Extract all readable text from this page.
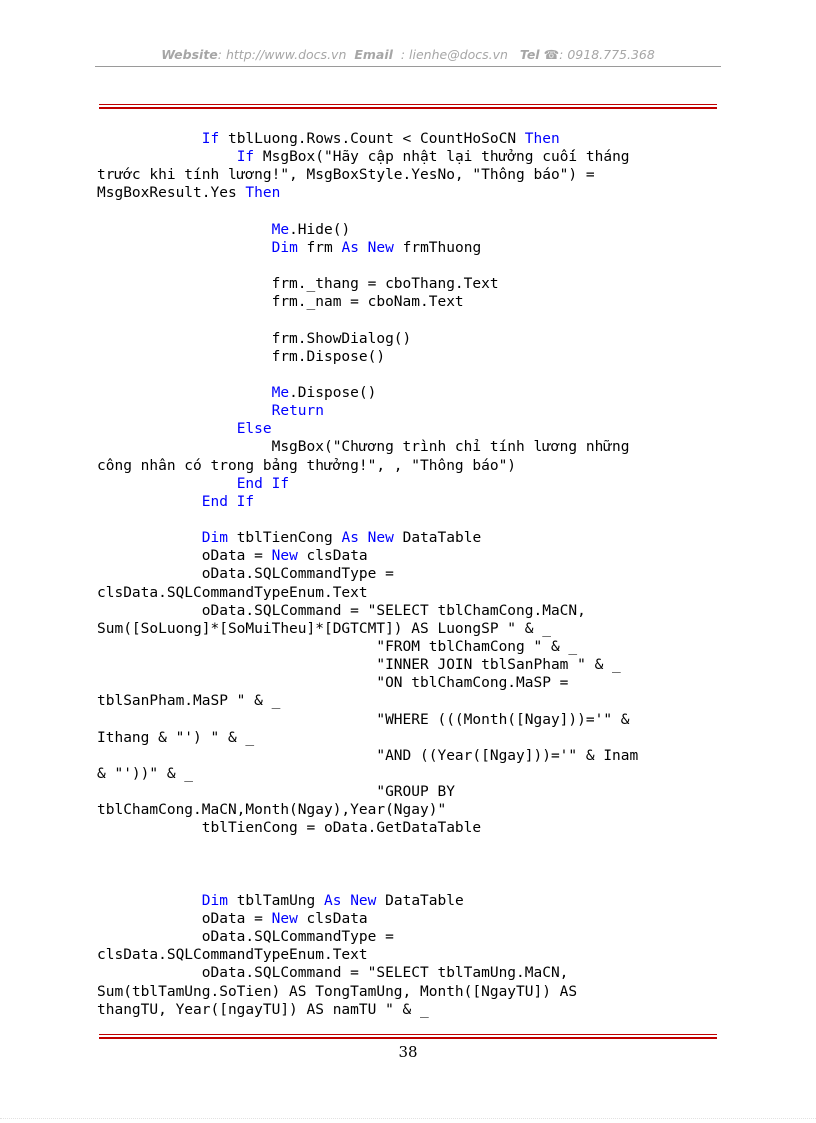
Website: http://www.docs.vn Email : lienhe@docs.vn Tel ☎: 0918.775.368
If tblLuong.Rows.Count < CountHoSoCN Then
If MsgBox("Hãy cập nhật lại thưởng cuối tháng
trước khi tính lương!", MsgBoxStyle.YesNo, "Thông báo") =
MsgBoxResult.Yes Then

Me.Hide()
Dim frm As New frmThuong

frm._thang = cboThang.Text
frm._nam = cboNam.Text

frm.ShowDialog()
frm.Dispose()

Me.Dispose()
Return
Else
MsgBox("Chương trình chỉ tính lương những
công nhân có trong bảng thưởng!", , "Thông báo")
End If
End If

Dim tblTienCong As New DataTable
oData = New clsData
oData.SQLCommandType =
clsData.SQLCommandTypeEnum.Text
oData.SQLCommand = "SELECT tblChamCong.MaCN,
Sum([SoLuong]*[SoMuiTheu]*[DGTCMT]) AS LuongSP " & _
"FROM tblChamCong " & _
"INNER JOIN tblSanPham " & _
"ON tblChamCong.MaSP =
tblSanPham.MaSP " & _
"WHERE (((Month([Ngay]))='" &
Ithang & "') " & _
"AND ((Year([Ngay]))='" & Inam
& "'))" & _
"GROUP BY
tblChamCong.MaCN,Month(Ngay),Year(Ngay)"
tblTienCong = oData.GetDataTable

Dim tblTamUng As New DataTable
oData = New clsData
oData.SQLCommandType =
clsData.SQLCommandTypeEnum.Text
oData.SQLCommand = "SELECT tblTamUng.MaCN,
Sum(tblTamUng.SoTien) AS TongTamUng, Month([NgayTU]) AS
thangTU, Year([ngayTU]) AS namTU " & _
38
